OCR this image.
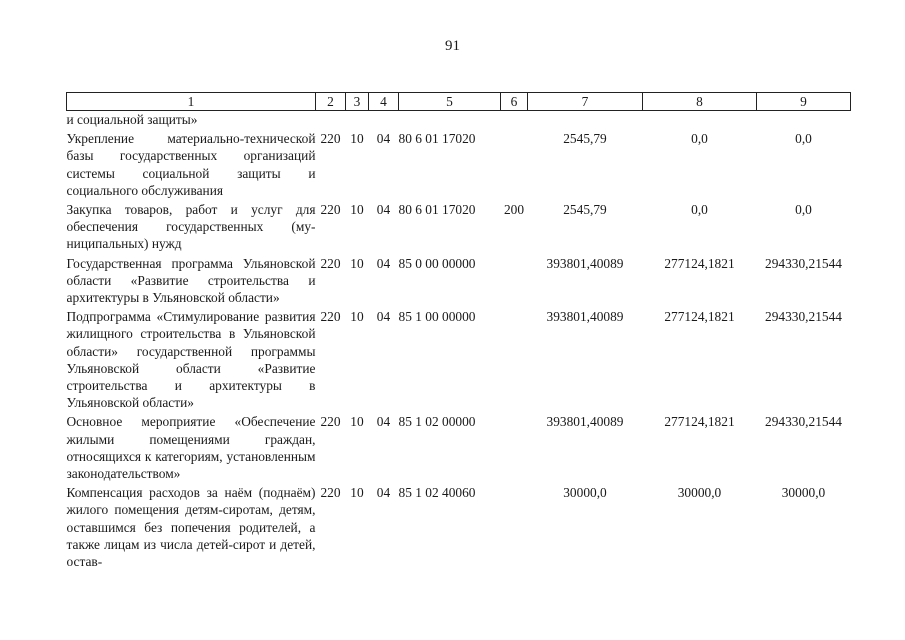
91
1	2	3	4	5	6	7	8	9
и социальной защиты»								
Укрепление материально-технической базы государственных организаций системы социальной защиты и социального обслуживания	220	10	04	80 6 01 17020		2545,79	0,0	0,0
Закупка товаров, работ и услуг для обеспечения государственных (муниципальных) нужд	220	10	04	80 6 01 17020	200	2545,79	0,0	0,0
Государственная программа Ульяновской области «Развитие строительства и архитектуры в Ульяновской области»	220	10	04	85 0 00 00000		393801,40089	277124,1821	294330,21544
Подпрограмма «Стимулирование развития жилищного строительства в Ульяновской области» государственной программы Ульяновской области «Развитие строительства и архитектуры в Ульяновской области»	220	10	04	85 1 00 00000		393801,40089	277124,1821	294330,21544
Основное мероприятие «Обеспечение жилыми помещениями граждан, относящихся к категориям, установленным законодательством»	220	10	04	85 1 02 00000		393801,40089	277124,1821	294330,21544
Компенсация расходов за наём (поднаём) жилого помещения детям-сиротам, детям, оставшимся без попечения родителей, а также лицам из числа детей-сирот и детей, остав-	220	10	04	85 1 02 40060		30000,0	30000,0	30000,0
